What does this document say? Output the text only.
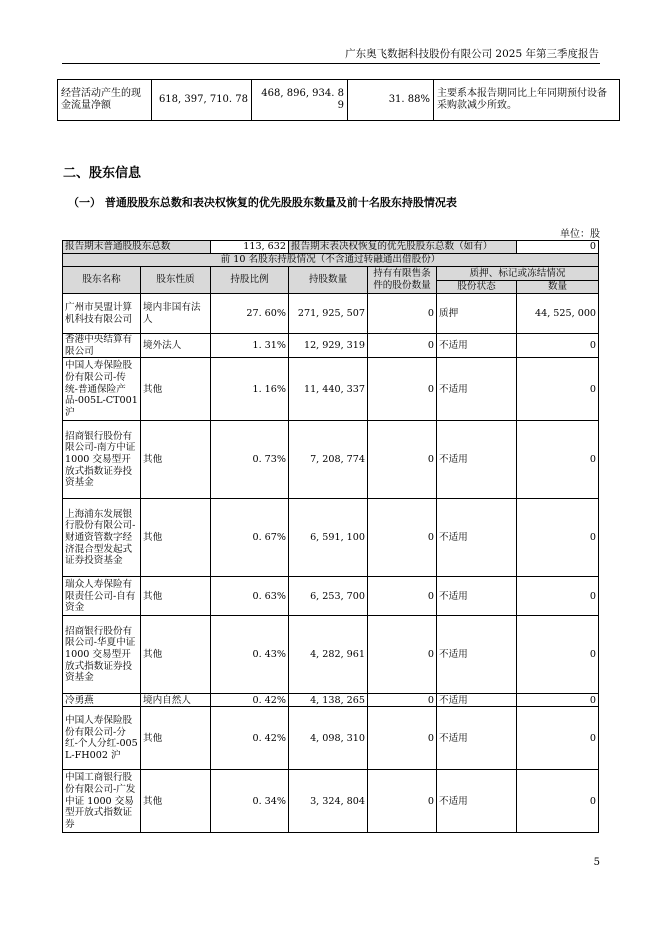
广东奥飞数据科技股份有限公司 2025 年第三季度报告
经营活动产生的现金流量净额	618, 397, 710. 78	468, 896, 934. 89	31. 88%	主要系本报告期同比上年同期预付设备采购款减少所致。
二、股东信息
（一） 普通股股东总数和表决权恢复的优先股股东数量及前十名股东持股情况表
单位：股
报告期末普通股股东总数		113, 632	报告期末表决权恢复的优先股股东总数（如有）			0
前 10 名股东持股情况（不含通过转融通出借股份）						
股东名称	股东性质	持股比例	持股数量	持有有限售条件的股份数量	质押、标记或冻结情况	
					股份状态	数量
广州市昊盟计算机科技有限公司	境内非国有法人	27. 60%	271, 925, 507	0	质押	44, 525, 000
香港中央结算有限公司	境外法人	1. 31%	12, 929, 319	0	不适用	0
中国人寿保险股份有限公司-传统-普通保险产品-005L-CT001 沪	其他	1. 16%	11, 440, 337	0	不适用	0
招商银行股份有限公司-南方中证 1000 交易型开放式指数证券投资基金	其他	0. 73%	7, 208, 774	0	不适用	0
上海浦东发展银行股份有限公司-财通资管数字经济混合型发起式证券投资基金	其他	0. 67%	6, 591, 100	0	不适用	0
瑞众人寿保险有限责任公司-自有资金	其他	0. 63%	6, 253, 700	0	不适用	0
招商银行股份有限公司-华夏中证 1000 交易型开放式指数证券投资基金	其他	0. 43%	4, 282, 961	0	不适用	0
冷勇燕	境内自然人	0. 42%	4, 138, 265	0	不适用	0
中国人寿保险股份有限公司-分红-个人分红-005L-FH002 沪	其他	0. 42%	4, 098, 310	0	不适用	0
中国工商银行股份有限公司-广发中证 1000 交易型开放式指数证券	其他	0. 34%	3, 324, 804	0	不适用	0
5
